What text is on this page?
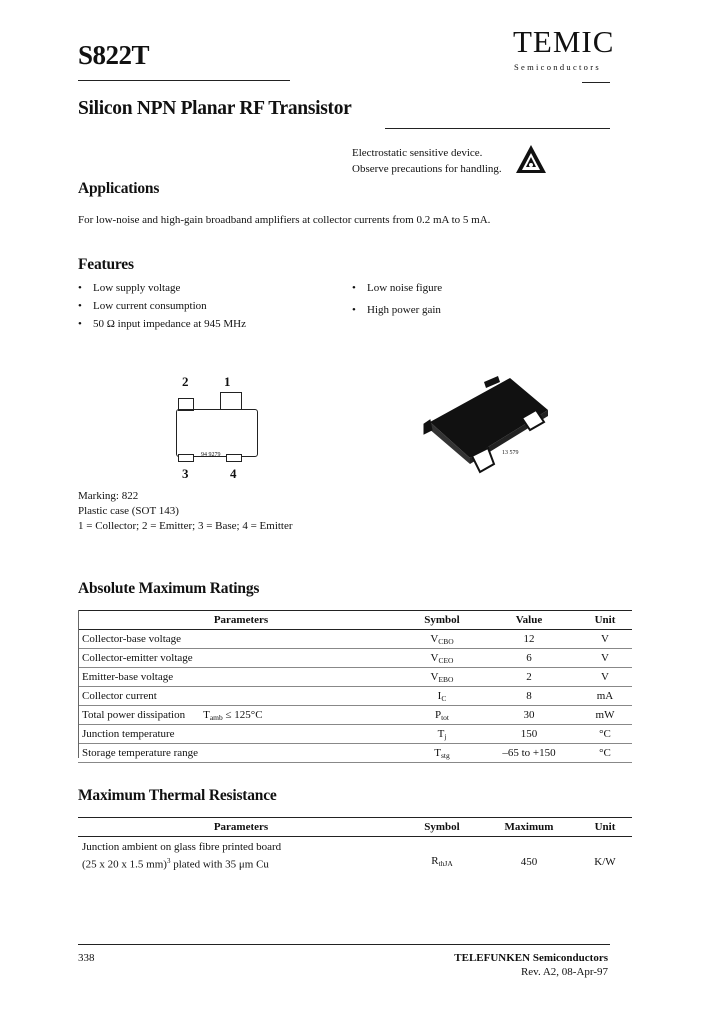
S822T	TEMIC
Semiconductors
Silicon NPN Planar RF Transistor
Electrostatic sensitive device.
Observe precautions for handling.
Applications
For low-noise and high-gain broadband amplifiers at collector currents from 0.2 mA to 5 mA.
Features
• Low supply voltage
• Low current consumption
• 50 Ω input impedance at 945 MHz
• Low noise figure
• High power gain
2	1
94 9279
3	4
13 579
Marking: 822
Plastic case (SOT 143)
1 = Collector; 2 = Emitter; 3 = Base; 4 = Emitter
Absolute Maximum Ratings
Parameters	Symbol	Value	Unit
Collector-base voltage	$V_{CBO}$	12	V
Collector-emitter voltage	$V_{CEO}$	6	V
Emitter-base voltage	$V_{EBO}$	2	V
Collector current	$I_C$	8	mA
Total power dissipation $T_{amb} \le 125^\circ C$	$P_{tot}$	30	mW
Junction temperature	$T_j$	150	°C
Storage temperature range	$T_{stg}$	–65 to +150	°C
Maximum Thermal Resistance
Parameters	Symbol	Maximum	Unit

Junction ambient on glass fibre printed board
(25 x 20 x 1.5 mm)$^3$ plated with 35 μm Cu	$R_{thJA}$	450	K/W
338	TELEFUNKEN Semiconductors
Rev. A2, 08-Apr-97
